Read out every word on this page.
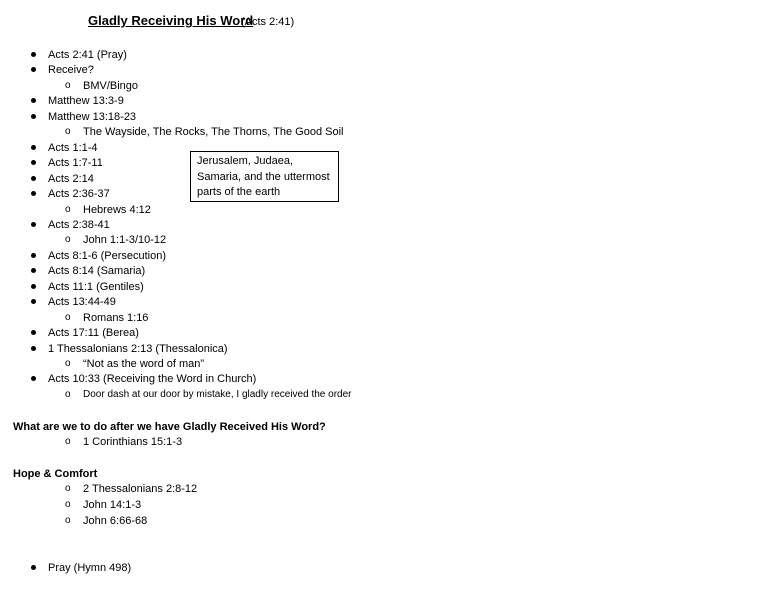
Gladly Receiving His Word
(Acts 2:41)
Acts 2:41 (Pray)
Receive?
o BMV/Bingo
Matthew 13:3-9
Matthew 13:18-23
o The Wayside, The Rocks, The Thorns, The Good Soil
Acts 1:1-4
Acts 1:7-11
Acts 2:14
Acts 2:36-37
o Hebrews 4:12
Acts 2:38-41
o John 1:1-3/10-12
Acts 8:1-6 (Persecution)
Acts 8:14 (Samaria)
Acts 11:1 (Gentiles)
Acts 13:44-49
o Romans 1:16
Acts 17:11 (Berea)
1 Thessalonians 2:13 (Thessalonica)
o “Not as the word of man”
Acts 10:33 (Receiving the Word in Church)
o Door dash at our door by mistake, I gladly received the order
Jerusalem, Judaea, Samaria, and the uttermost parts of the earth
What are we to do after we have Gladly Received His Word?
o 1 Corinthians 15:1-3
Hope & Comfort
o 2 Thessalonians 2:8-12
o John 14:1-3
o John 6:66-68
Pray (Hymn 498)
